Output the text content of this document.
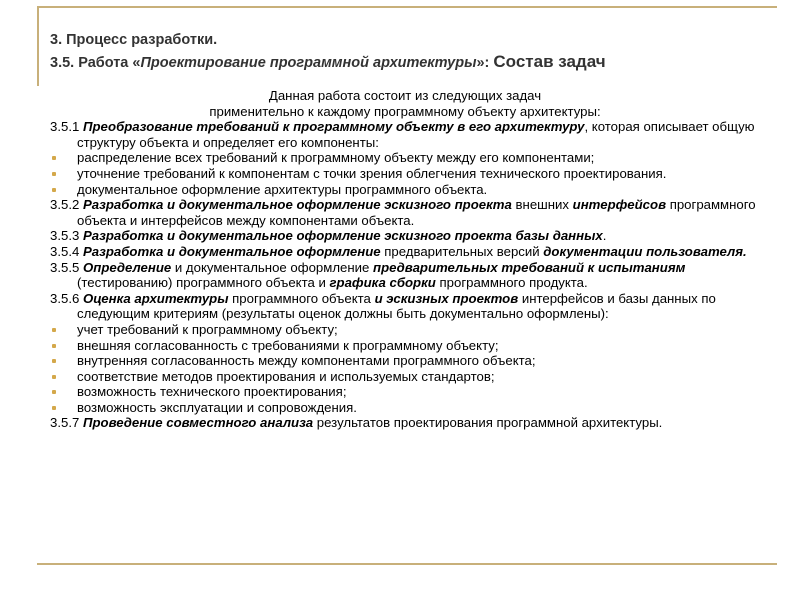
3. Процесс разработки.
3.5. Работа «Проектирование программной архитектуры»: Состав задач
Данная работа состоит из следующих задач
применительно к каждому программному объекту архитектуры:
3.5.1 Преобразование требований к программному объекту в его архитектуру, которая описывает общую структуру объекта и определяет его компоненты:
распределение всех требований к программному объекту между его компонентами;
уточнение требований к компонентам с точки зрения облегчения технического проектирования.
документальное оформление архитектуры программного объекта.
3.5.2 Разработка и документальное оформление эскизного проекта внешних интерфейсов программного объекта и интерфейсов между компонентами объекта.
3.5.3 Разработка и документальное оформление эскизного проекта базы данных.
3.5.4 Разработка и документальное оформление предварительных версий документации пользователя.
3.5.5 Определение и документальное оформление предварительных требований к испытаниям (тестированию) программного объекта и графика сборки программного продукта.
3.5.6 Оценка архитектуры программного объекта и эскизных проектов интерфейсов и базы данных по следующим критериям (результаты оценок должны быть документально оформлены):
учет требований к программному объекту;
внешняя согласованность с требованиями к программному объекту;
внутренняя согласованность между компонентами программного объекта;
соответствие методов проектирования и используемых стандартов;
возможность технического проектирования;
возможность эксплуатации и сопровождения.
3.5.7 Проведение совместного анализа результатов проектирования программной архитектуры.
